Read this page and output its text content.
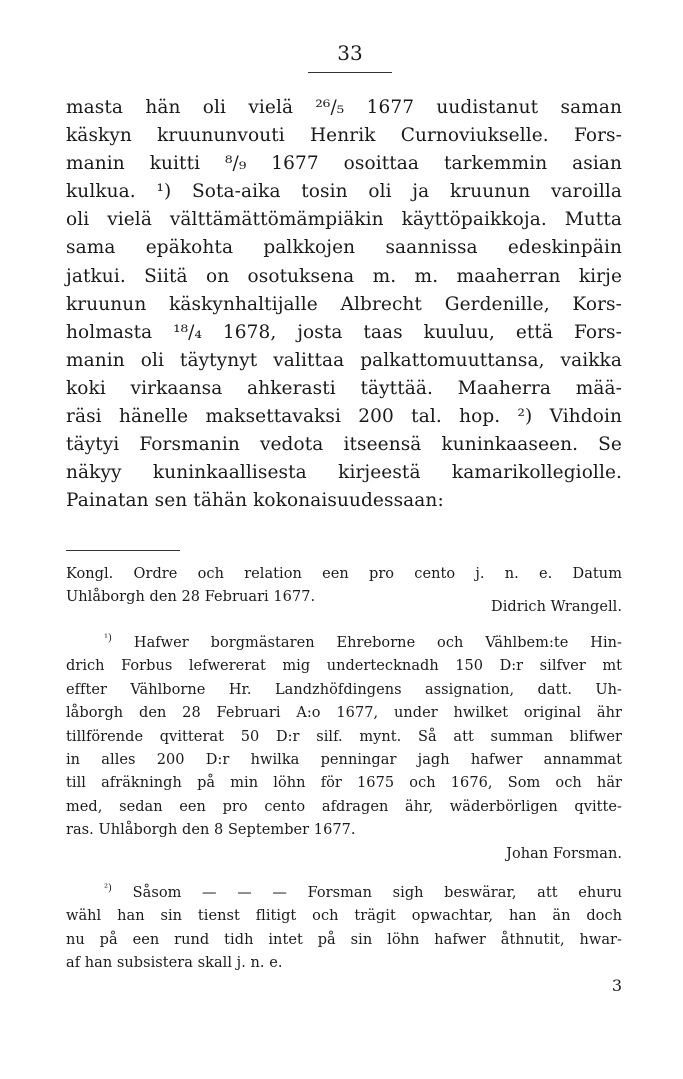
33
masta hän oli vielä ²⁶/₅ 1677 uudistanut saman
käskyn kruununvouti Henrik Curnoviukselle. Fors-
manin kuitti ⁸/₉ 1677 osoittaa tarkemmin asian
kulkua. ¹) Sota-aika tosin oli ja kruunun varoilla
oli vielä välttämättömämpiäkin käyttöpaikkoja. Mutta
sama epäkohta palkkojen saannissa edeskinpäin
jatkui. Siitä on osotuksena m. m. maaherran kirje
kruunun käskynhaltijalle Albrecht Gerdenille, Kors-
holmasta ¹⁸/₄ 1678, josta taas kuuluu, että Fors-
manin oli täytynyt valittaa palkattomuuttansa, vaikka
koki virkaansa ahkerasti täyttää. Maaherra mää-
räsi hänelle maksettavaksi 200 tal. hop. ²) Vihdoin
täytyi Forsmanin vedota itseensä kuninkaaseen. Se
näkyy kuninkaallisesta kirjeestä kamarikollegiolle.
Painatan sen tähän kokonaisuudessaan:
Kongl. Ordre och relation een pro cento j. n. e. Datum
Uhlåborgh den 28 Februari 1677.
Didrich Wrangell.
$^{^1)}$ Hafwer borgmästaren Ehreborne och Vählbem:te Hin-
drich Forbus lefwererat mig undertecknadh 150 D:r silfver mt
effter Vählborne Hr. Landzhöfdingens assignation, datt. Uh-
låborgh den 28 Februari A:o 1677, under hwilket original ähr
tillförende qvitterat 50 D:r silf. mynt. Så att summan blifwer
in alles 200 D:r hwilka penningar jagh hafwer annammat
till afräkningh på min löhn för 1675 och 1676, Som och här
med, sedan een pro cento afdragen ähr, wäderbörligen qvitte-
ras. Uhlåborgh den 8 September 1677.
Johan Forsman.
$^{^2)}$ Såsom — — — Forsman sigh beswärar, att ehuru
wähl han sin tienst flitigt och trägit opwachtar, han än doch
nu på een rund tidh intet på sin löhn hafwer åthnutit, hwar-
af han subsistera skall j. n. e.
3
